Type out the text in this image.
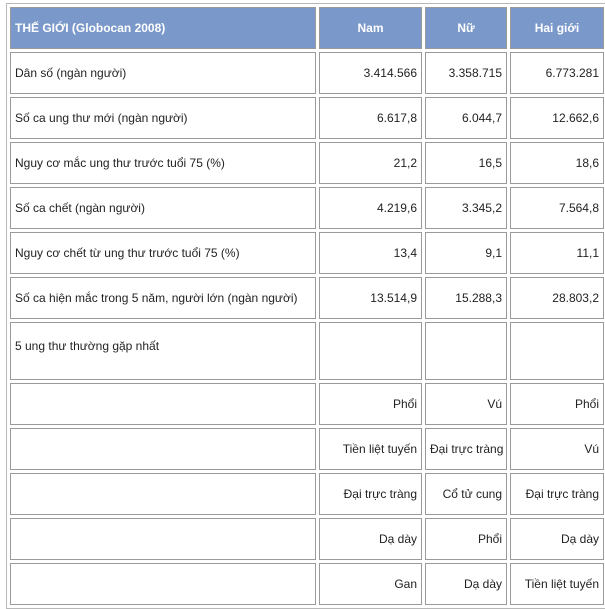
THẾ GIỚI (Globocan 2008)	Nam	Nữ	Hai giới
Dân số (ngàn người)	3.414.566	3.358.715	6.773.281
Số ca ung thư mới (ngàn người)	6.617,8	6.044,7	12.662,6
Nguy cơ mắc ung thư trước tuổi 75 (%)	21,2	16,5	18,6
Số ca chết (ngàn người)	4.219,6	3.345,2	7.564,8
Nguy cơ chết từ ung thư trước tuổi 75 (%)	13,4	9,1	11,1
Số ca hiện mắc trong 5 năm, người lớn (ngàn người)	13.514,9	15.288,3	28.803,2
5 ung thư thường gặp nhất			
	Phổi	Vú	Phổi
	Tiền liệt tuyến	Đại trực tràng	Vú
	Đại trực tràng	Cổ tử cung	Đại trực tràng
	Dạ dày	Phổi	Dạ dày
	Gan	Dạ dày	Tiền liệt tuyến
